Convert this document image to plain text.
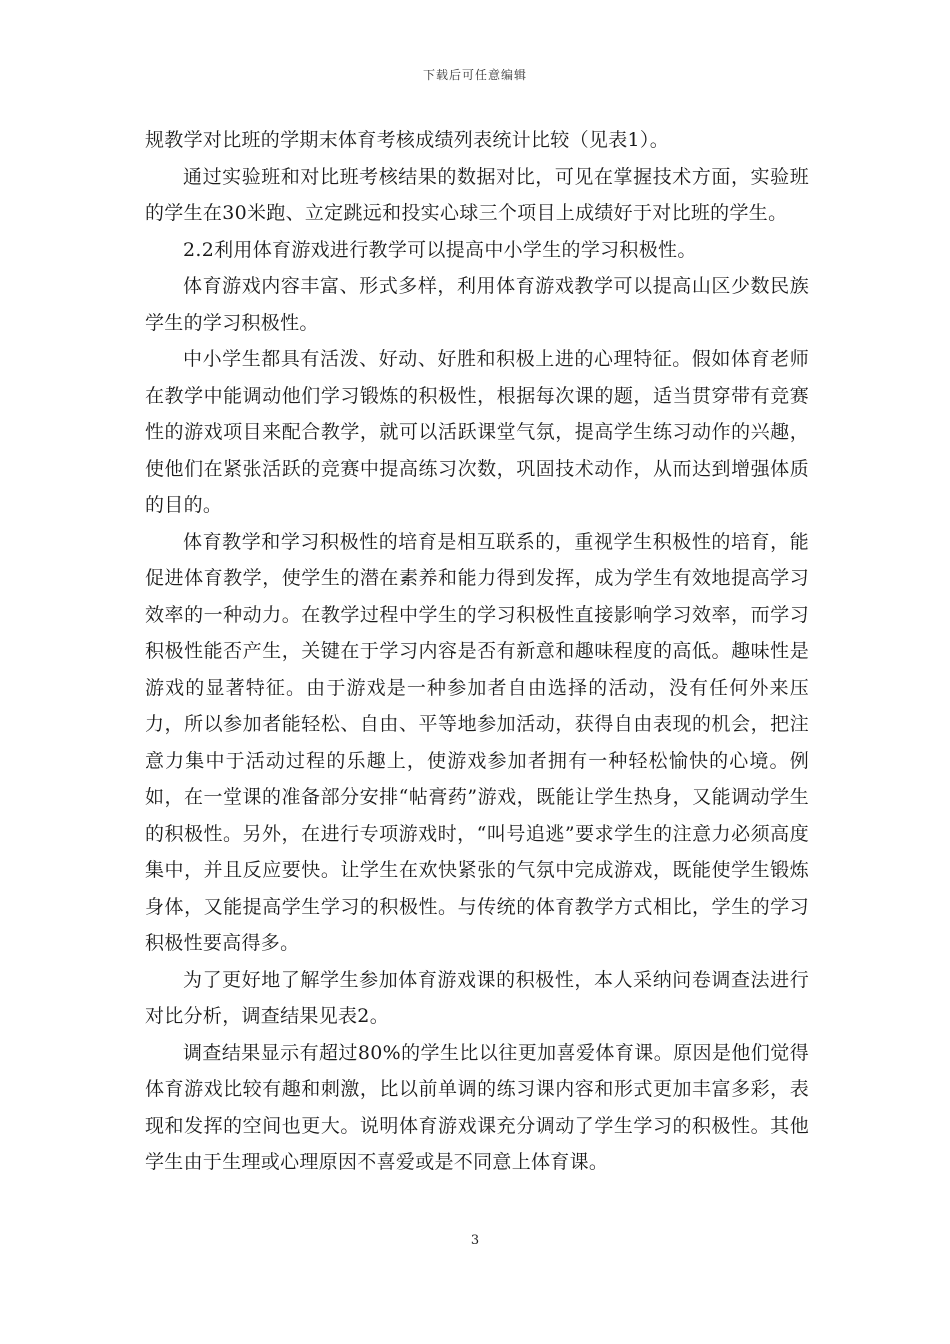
下载后可任意编辑

规教学对比班的学期末体育考核成绩列表统计比较（见表1）。

通过实验班和对比班考核结果的数据对比，可见在掌握技术方面，实验班的学生在30米跑、立定跳远和投实心球三个项目上成绩好于对比班的学生。

2.2利用体育游戏进行教学可以提高中小学生的学习积极性。

体育游戏内容丰富、形式多样，利用体育游戏教学可以提高山区少数民族学生的学习积极性。

中小学生都具有活泼、好动、好胜和积极上进的心理特征。假如体育老师在教学中能调动他们学习锻炼的积极性，根据每次课的题，适当贯穿带有竞赛性的游戏项目来配合教学，就可以活跃课堂气氛，提高学生练习动作的兴趣，使他们在紧张活跃的竞赛中提高练习次数，巩固技术动作，从而达到增强体质的目的。

体育教学和学习积极性的培育是相互联系的，重视学生积极性的培育，能促进体育教学，使学生的潜在素养和能力得到发挥，成为学生有效地提高学习效率的一种动力。在教学过程中学生的学习积极性直接影响学习效率，而学习积极性能否产生，关键在于学习内容是否有新意和趣味程度的高低。趣味性是游戏的显著特征。由于游戏是一种参加者自由选择的活动，没有任何外来压力，所以参加者能轻松、自由、平等地参加活动，获得自由表现的机会，把注意力集中于活动过程的乐趣上，使游戏参加者拥有一种轻松愉快的心境。例如，在一堂课的准备部分安排“帖膏药”游戏，既能让学生热身，又能调动学生的积极性。另外，在进行专项游戏时，“叫号追逃”要求学生的注意力必须高度集中，并且反应要快。让学生在欢快紧张的气氛中完成游戏，既能使学生锻炼身体，又能提高学生学习的积极性。与传统的体育教学方式相比，学生的学习积极性要高得多。

为了更好地了解学生参加体育游戏课的积极性，本人采纳问卷调查法进行对比分析，调查结果见表2。

调查结果显示有超过80%的学生比以往更加喜爱体育课。原因是他们觉得体育游戏比较有趣和刺激，比以前单调的练习课内容和形式更加丰富多彩，表现和发挥的空间也更大。说明体育游戏课充分调动了学生学习的积极性。其他学生由于生理或心理原因不喜爱或是不同意上体育课。

3
